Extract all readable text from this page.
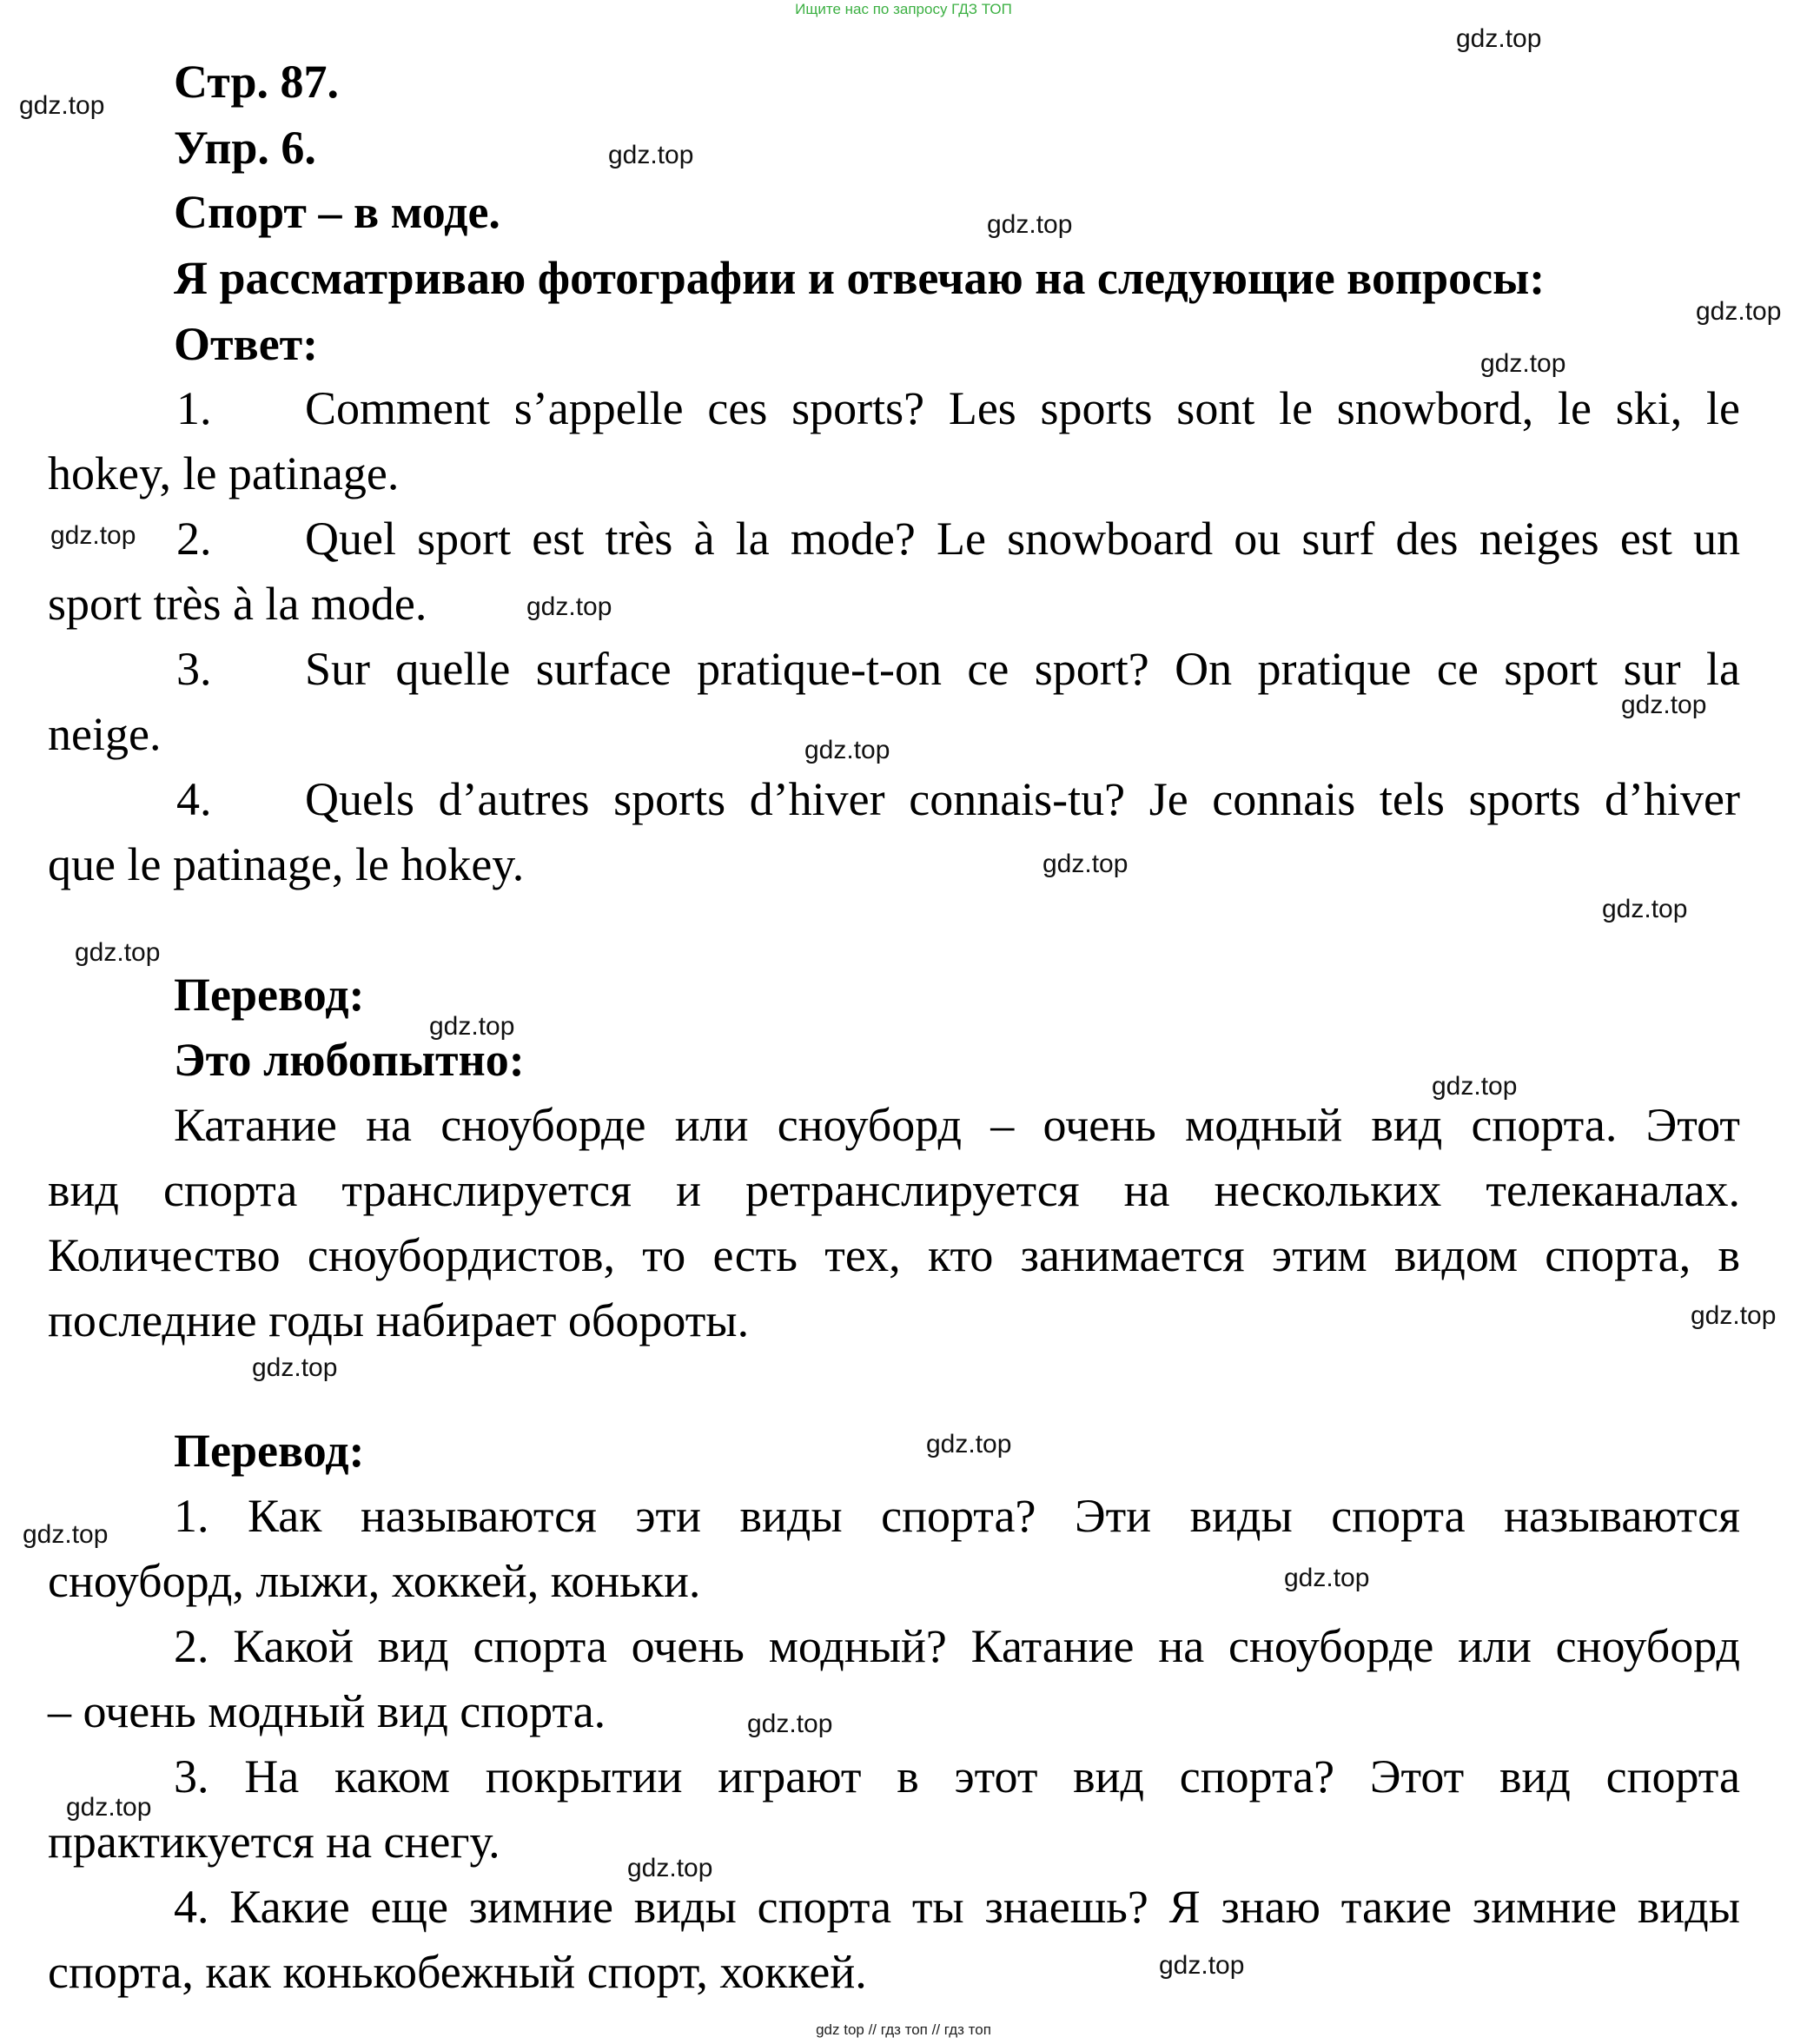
Ищите нас по запросу ГДЗ ТОП
Стр. 87.
Упр. 6.
Спорт – в моде.
Я рассматриваю фотографии и отвечаю на следующие вопросы:
Ответ:
1. Comment s’appelle ces sports? Les sports sont le snowbord, le ski, le
hokey, le patinage.
2. Quel sport est très à la mode? Le snowboard ou surf des neiges est un
sport très à la mode.
3. Sur quelle surface pratique-t-on ce sport? On pratique ce sport sur la
neige.
4. Quels d’autres sports d’hiver connais-tu? Je connais tels sports d’hiver
que le patinage, le hokey.
Перевод:
Это любопытно:
Катание на сноуборде или сноуборд – очень модный вид спорта. Этот
вид спорта транслируется и ретранслируется на нескольких телеканалах.
Количество сноубордистов, то есть тех, кто занимается этим видом спорта, в
последние годы набирает обороты.
Перевод:
1. Как называются эти виды спорта? Эти виды спорта называются
сноуборд, лыжи, хоккей, коньки.
2. Какой вид спорта очень модный? Катание на сноуборде или сноуборд
– очень модный вид спорта.
3. На каком покрытии играют в этот вид спорта? Этот вид спорта
практикуется на снегу.
4. Какие еще зимние виды спорта ты знаешь? Я знаю такие зимние виды
спорта, как конькобежный спорт, хоккей.
gdz.top
gdz.top
gdz.top
gdz.top
gdz.top
gdz.top
gdz.top
gdz.top
gdz.top
gdz.top
gdz.top
gdz.top
gdz.top
gdz.top
gdz.top
gdz.top
gdz.top
gdz.top
gdz.top
gdz.top
gdz.top
gdz.top
gdz.top
gdz.top
gdz top // гдз топ // гдз топ
